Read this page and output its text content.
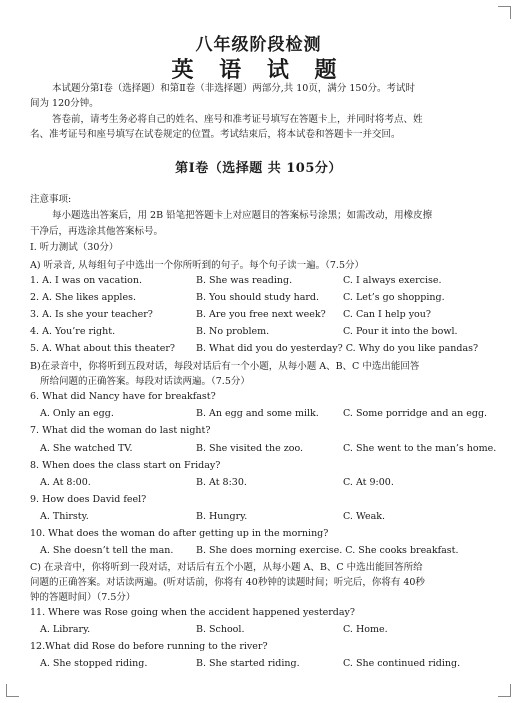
八年级阶段检测
英 语 试 题
本试题分第Ⅰ卷（选择题）和第Ⅱ卷（非选择题）两部分,共 10页，满分 150分。考试时
间为 120分钟。
答卷前，请考生务必将自己的姓名、座号和准考证号填写在答题卡上，并同时将考点、姓
名、准考证号和座号填写在试卷规定的位置。考试结束后，将本试卷和答题卡一并交回。
第Ⅰ卷（选择题 共 105分）
注意事项:
每小题选出答案后，用 2B 铅笔把答题卡上对应题目的答案标号涂黑；如需改动，用橡皮擦
干净后，再选涂其他答案标号。
I. 听力测试（30分）
A) 听录音, 从每组句子中选出一个你所听到的句子。每个句子读一遍。（7.5分）
1. A. I was on vacation.	B. She was reading.	C. I always exercise.
2. A. She likes apples.	B. You should study hard.	C. Let’s go shopping.
3. A. Is she your teacher?	B. Are you free next week? C. Can I help you?
4. A. You’re right.	B. No problem.	C. Pour it into the bowl.
5. A. What about this theater? B. What did you do yesterday? C. Why do you like pandas?
B)在录音中，你将听到五段对话，每段对话后有一个小题，从每小题 A、B、C 中选出能回答
所给问题的正确答案。每段对话读两遍。（7.5分）
6. What did Nancy have for breakfast?
A. Only an egg.	B. An egg and some milk.	C. Some porridge and an egg.
7. What did the woman do last night?
A. She watched TV.	B. She visited the zoo.	C. She went to the man’s home.
8. When does the class start on Friday?
A. At 8:00.	B. At 8:30.	C. At 9:00.
9. How does David feel?
A. Thirsty.	B. Hungry.	C. Weak.
10. What does the woman do after getting up in the morning?
A. She doesn’t tell the man. B. She does morning exercise. C. She cooks breakfast.
C) 在录音中，你将听到一段对话，对话后有五个小题，从每小题 A、B、C 中选出能回答所给
问题的正确答案。对话读两遍。(听对话前，你将有 40秒钟的读题时间；听完后，你将有 40秒
钟的答题时间）（7.5分）
11. Where was Rose going when the accident happened yesterday?
A. Library.	B. School.	C. Home.
12.What did Rose do before running to the river?
A. She stopped riding.	B. She started riding.	C. She continued riding.
